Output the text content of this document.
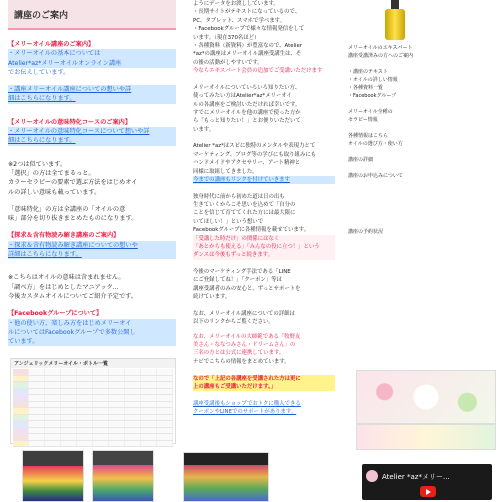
講座のご案内

【メリーオイル講座のご案内】

・メリーオイルの基本については

Atelier*az*メリーオイルオンライン講座

でお伝えしています。

・講座メリーオイル講座についての想いや詳

細はこちらになります。

【メリーオイルの意味特化コースのご案内】

・メリーオイルの意味特化コースについて想いや詳

細はこちらになります。

※2つは似ています。

「選択」の方は全てまるっと。

カラーセラピーの要素で選ぶ方法をはじめオイ

ルの詳しい意味も載っています。

「意味特化」の方は全講座の「オイルの意

味」部分を切り抜きまとめたものになります。

【探求＆含有物読み解き講座のご案内】

・探求＆含有物読み解き講座についての想いや

詳細はこちらになります。

※こちらはオイルの意味は含まれません。

「調べ方」をはじめとしたマニアック...

今後カスタムオイルについてご紹介予定です。

【Facebookグループについて】

・他の使い方、楽しみ方をはじめメリーオイ

ルについてはFacebookグループで多数公開し

ています。

アンジェリックメリーオイル・ボトル一覧

ようにデータをお渡ししています。

・長期サイトがテキストになっているので、

PC、タブレット、スマホで学べます。

・Facebookグループで様々な情報発信をして

います。（現在370名ほど）

・各種資料（新資料）が豊富なので、Atelier

*az*の講座はメリーオイル講座受講生は、そ

の後の活動がしやすいです。

今ならエキスパート会員の追加でご受講いただけます

メリーオイルについていろいろ知りたい方、

使ってみたい方はAtelier*az*メリーオイ

ルの各講座をご検討いただければ幸いです。

すでにメリーオイルを他の講座で使った方か

ら「もっと知りたい！」とお便りいただいて

います。

Atelier *az*はスピに独特のメンタルや表現力とて

マーケティング、ブログ等の学びにも取り組みにも

ハンドメイドやアクセサリー、アート精神と

同様に取組してきました。

今までの講座もリンクを付けていきます

独身時代に前から初めた道は日の出も

生きていくからこそ思いを込めて「自分の

ことを信じて育ててくれた方には最大限に

いてほしい！」という想いで

Facebookグループに各種情報を載せています。

「受講した時だけ」の関係にはなく

「あとからも使える」「みんなの役に立つ！」という

ダンスは今後もずっと続きます。

今後のマーケティング手法である「LINE

にご登録してね！」「クーポン」等は

講座受講者のみの安心と、ずっとサポートを

続けています。

なお、メリーオイル講座についての詳細は

以下のリンクからご覧ください。

なお、メリーオイルの大師範である「牧野友

美さん・ななつみさん・ドリームさん」の

三名の方とは公式に連携しています。

ナビでこちらの情報をまとめています。

なので「上記の各講座を受講された方は更に

上の講座もご受講いただけます。」

講座受講後もショップでおトクに購入できる

クーポンやLINEでのサポートがあります。

メリーオイルのエキスパート

講座受講済みの方へのご案内

・講座のテキスト

・オイルの詳しい情報

・各種資料一覧

・Facebookグループ

メリーオイル全種の

セラピー情報

各種情報はこちら

オイルの選び方・使い方

講座の詳細

講座のお申込みについて

講座の予約状況

Atelier *az*メリー...
